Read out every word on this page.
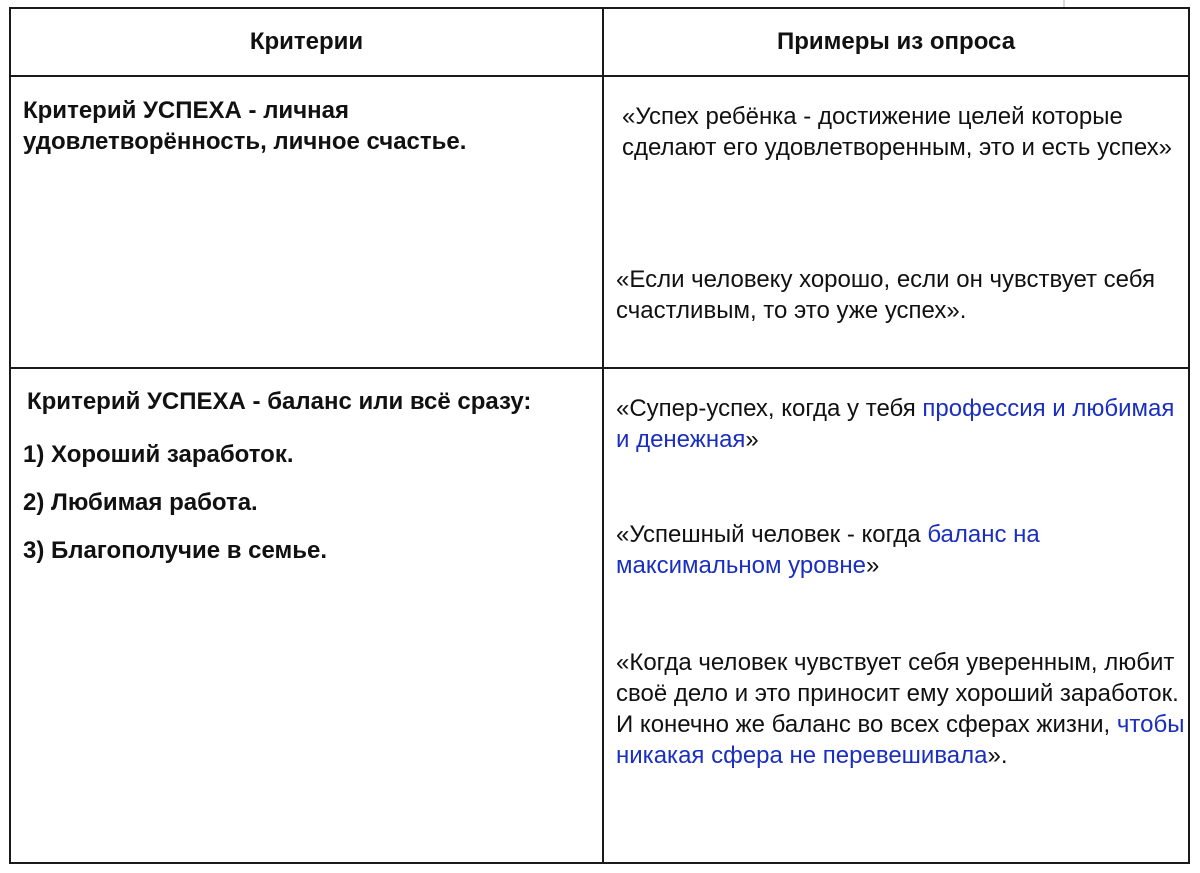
Критерии	Примеры из опроса

Критерий УСПЕХА - личная удовлетворённость, личное счастье.

«Успех ребёнка - достижение целей которые сделают его удовлетворенным, это и есть успех»

«Если человеку хорошо, если он чувствует себя счастливым, то это уже успех».

Критерий УСПЕХА - баланс или всё сразу:

1) Хороший заработок.
2) Любимая работа.
3) Благополучие в семье.

«Супер-успех, когда у тебя профессия и любимая и денежная»

«Успешный человек - когда баланс на максимальном уровне»

«Когда человек чувствует себя уверенным, любит своё дело и это приносит ему хороший заработок. И конечно же баланс во всех сферах жизни, чтобы никакая сфера не перевешивала».
